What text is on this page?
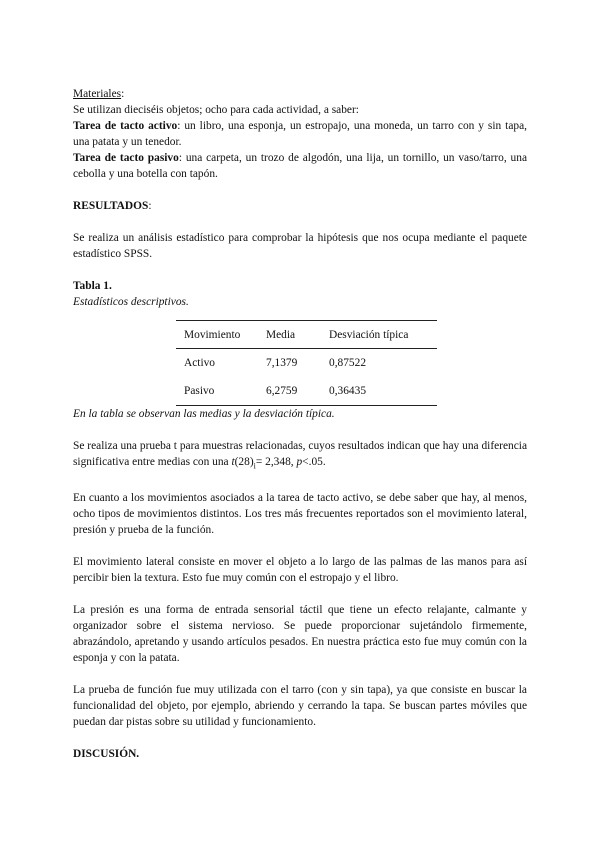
Materiales:

Se utilizan dieciséis objetos; ocho para cada actividad, a saber:

Tarea de tacto activo: un libro, una esponja, un estropajo, una moneda, un tarro con y sin tapa, una patata y un tenedor.

Tarea de tacto pasivo: una carpeta, un trozo de algodón, una lija, un tornillo, un vaso/tarro, una cebolla y una botella con tapón.

RESULTADOS:

Se realiza un análisis estadístico para comprobar la hipótesis que nos ocupa mediante el paquete estadístico SPSS.

Tabla 1.

Estadísticos descriptivos.

Movimiento	Media	Desviación típica
Activo	7,1379	0,87522
Pasivo	6,2759	0,36435

En la tabla se observan las medias y la desviación típica.

Se realiza una prueba t para muestras relacionadas, cuyos resultados indican que hay una diferencia significativa entre medias con una $t(28)_i= 2,348$, p<.05.

En cuanto a los movimientos asociados a la tarea de tacto activo, se debe saber que hay, al menos, ocho tipos de movimientos distintos. Los tres más frecuentes reportados son el movimiento lateral, presión y prueba de la función.

El movimiento lateral consiste en mover el objeto a lo largo de las palmas de las manos para así percibir bien la textura. Esto fue muy común con el estropajo y el libro.

La presión es una forma de entrada sensorial táctil que tiene un efecto relajante, calmante y organizador sobre el sistema nervioso. Se puede proporcionar sujetándolo firmemente, abrazándolo, apretando y usando artículos pesados. En nuestra práctica esto fue muy común con la esponja y con la patata.

La prueba de función fue muy utilizada con el tarro (con y sin tapa), ya que consiste en buscar la funcionalidad del objeto, por ejemplo, abriendo y cerrando la tapa. Se buscan partes móviles que puedan dar pistas sobre su utilidad y funcionamiento.

DISCUSIÓN.
